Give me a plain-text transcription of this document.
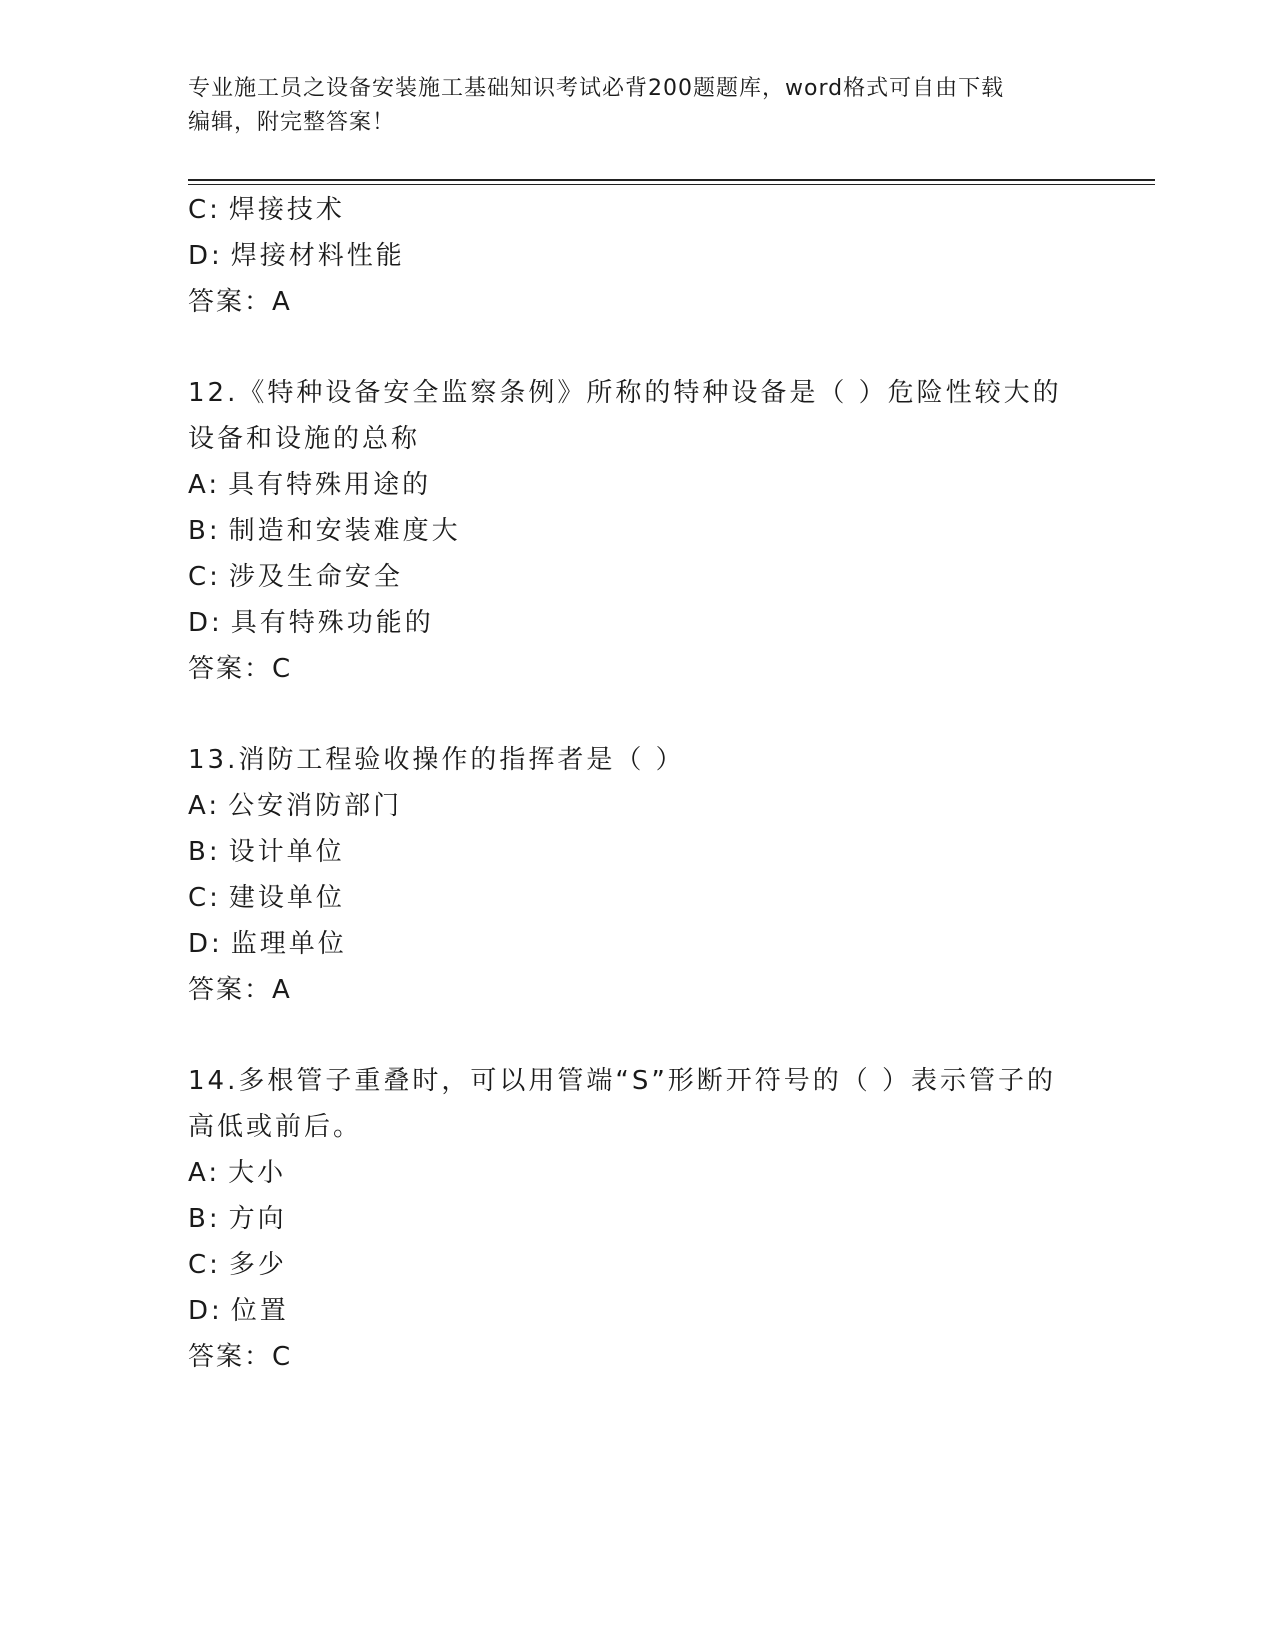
专业施工员之设备安装施工基础知识考试必背200题题库，word格式可自由下载
编辑，附完整答案！
C: 焊接技术
D: 焊接材料性能
答案：A
12.《特种设备安全监察条例》所称的特种设备是（ ）危险性较大的
设备和设施的总称
A: 具有特殊用途的
B: 制造和安装难度大
C: 涉及生命安全
D: 具有特殊功能的
答案：C
13.消防工程验收操作的指挥者是（ ）
A: 公安消防部门
B: 设计单位
C: 建设单位
D: 监理单位
答案：A
14.多根管子重叠时，可以用管端“S”形断开符号的（ ）表示管子的
高低或前后。
A: 大小
B: 方向
C: 多少
D: 位置
答案：C
